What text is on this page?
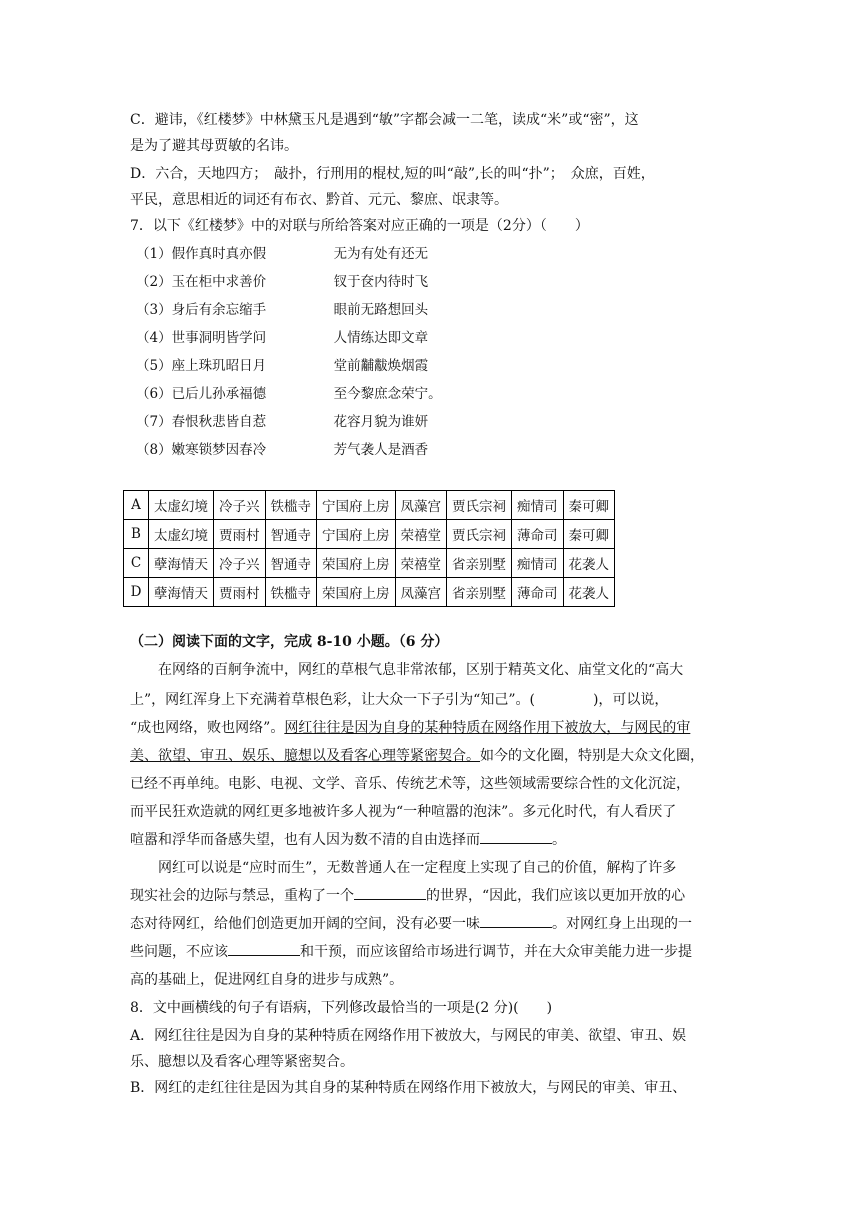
C．避讳，《红楼梦》中林黛玉凡是遇到“敏”字都会减一二笔，读成“米”或“密”，这

是为了避其母贾敏的名讳。

D．六合，天地四方；　敲扑，行刑用的棍杖,短的叫“敲”,长的叫“扑”；　众庶，百姓，

平民，意思相近的词还有布衣、黔首、元元、黎庶、氓隶等。

7．以下《红楼梦》中的对联与所给答案对应正确的一项是（2分）（　　）

（1）假作真时真亦假	无为有处有还无
（2）玉在柜中求善价	钗于奁内待时飞
（3）身后有余忘缩手	眼前无路想回头
（4）世事洞明皆学问	人情练达即文章
（5）座上珠玑昭日月	堂前黼黻焕烟霞
（6）已后儿孙承福德	至今黎庶念荣宁。
（7）春恨秋悲皆自惹	花容月貌为谁妍
（8）嫩寒锁梦因春冷	芳气袭人是酒香
A	太虚幻境	冷子兴	铁槛寺	宁国府上房	凤藻宫	贾氏宗祠	痴情司	秦可卿
B	太虚幻境	贾雨村	智通寺	宁国府上房	荣禧堂	贾氏宗祠	薄命司	秦可卿
C	孽海情天	冷子兴	智通寺	荣国府上房	荣禧堂	省亲别墅	痴情司	花袭人
D	孽海情天	贾雨村	铁槛寺	荣国府上房	凤藻宫	省亲别墅	薄命司	花袭人

（二）阅读下面的文字，完成 8-10 小题。（6 分）

在网络的百舸争流中，网红的草根气息非常浓郁，区别于精英文化、庙堂文化的“高大

上”，网红浑身上下充满着草根色彩，让大众一下子引为“知己”。(	)，可以说，

“成也网络，败也网络”。网红往往是因为自身的某种特质在网络作用下被放大，与网民的审

美、欲望、审丑、娱乐、臆想以及看客心理等紧密契合。如今的文化圈，特别是大众文化圈，

已经不再单纯。电影、电视、文学、音乐、传统艺术等，这些领域需要综合性的文化沉淀，

而平民狂欢造就的网红更多地被许多人视为“一种喧嚣的泡沫”。多元化时代，有人看厌了

喧嚣和浮华而备感失望，也有人因为数不清的自由选择而	。

网红可以说是“应时而生”，无数普通人在一定程度上实现了自己的价值，解构了许多

现实社会的边际与禁忌，重构了一个	的世界，“因此，我们应该以更加开放的心

态对待网红，给他们创造更加开阔的空间，没有必要一味	。对网红身上出现的一

些问题，不应该	和干预，而应该留给市场进行调节，并在大众审美能力进一步提

高的基础上，促进网红自身的进步与成熟”。

8．文中画横线的句子有语病，下列修改最恰当的一项是(2 分)(　　)

A．网红往往是因为自身的某种特质在网络作用下被放大，与网民的审美、欲望、审丑、娱

乐、臆想以及看客心理等紧密契合。

B．网红的走红往往是因为其自身的某种特质在网络作用下被放大，与网民的审美、审丑、
